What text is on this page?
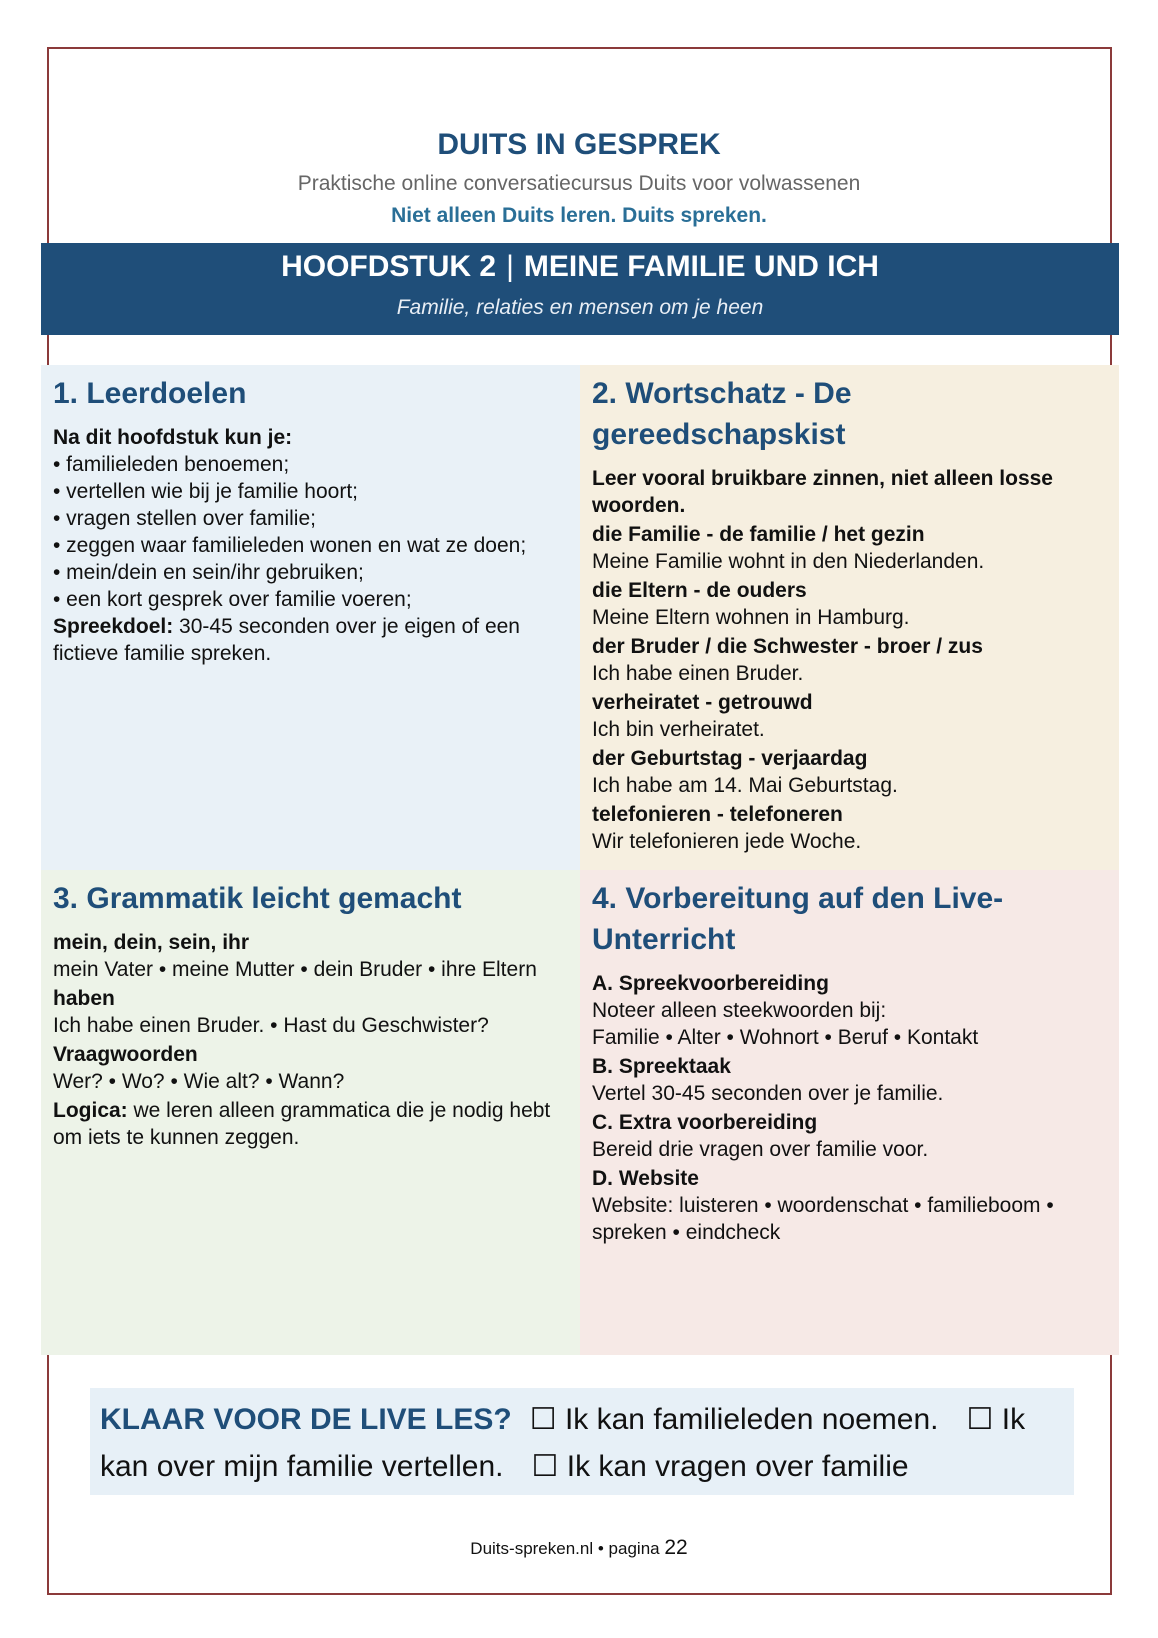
DUITS IN GESPREK
Praktische online conversatiecursus Duits voor volwassenen
Niet alleen Duits leren. Duits spreken.
HOOFDSTUK 2 | MEINE FAMILIE UND ICH
Familie, relaties en mensen om je heen
1. Leerdoelen
Na dit hoofdstuk kun je:
• familieleden benoemen;
• vertellen wie bij je familie hoort;
• vragen stellen over familie;
• zeggen waar familieleden wonen en wat ze doen;
• mein/dein en sein/ihr gebruiken;
• een kort gesprek over familie voeren;
Spreekdoel: 30-45 seconden over je eigen of een fictieve familie spreken.
2. Wortschatz - De gereedschapskist
Leer vooral bruikbare zinnen, niet alleen losse woorden.
die Familie - de familie / het gezin
Meine Familie wohnt in den Niederlanden.
die Eltern - de ouders
Meine Eltern wohnen in Hamburg.
der Bruder / die Schwester - broer / zus
Ich habe einen Bruder.
verheiratet - getrouwd
Ich bin verheiratet.
der Geburtstag - verjaardag
Ich habe am 14. Mai Geburtstag.
telefonieren - telefoneren
Wir telefonieren jede Woche.
3. Grammatik leicht gemacht
mein, dein, sein, ihr
mein Vater • meine Mutter • dein Bruder • ihre Eltern
haben
Ich habe einen Bruder. • Hast du Geschwister?
Vraagwoorden
Wer? • Wo? • Wie alt? • Wann?
Logica: we leren alleen grammatica die je nodig hebt om iets te kunnen zeggen.
4. Vorbereitung auf den Live-Unterricht
A. Spreekvoorbereiding
Noteer alleen steekwoorden bij:
Familie • Alter • Wohnort • Beruf • Kontakt
B. Spreektaak
Vertel 30-45 seconden over je familie.
C. Extra voorbereiding
Bereid drie vragen over familie voor.
D. Website
Website: luisteren • woordenschat • familieboom • spreken • eindcheck
KLAAR VOOR DE LIVE LES? ☐ Ik kan familieleden noemen. ☐ Ik kan over mijn familie vertellen. ☐ Ik kan vragen over familie
Duits-spreken.nl • pagina 22
